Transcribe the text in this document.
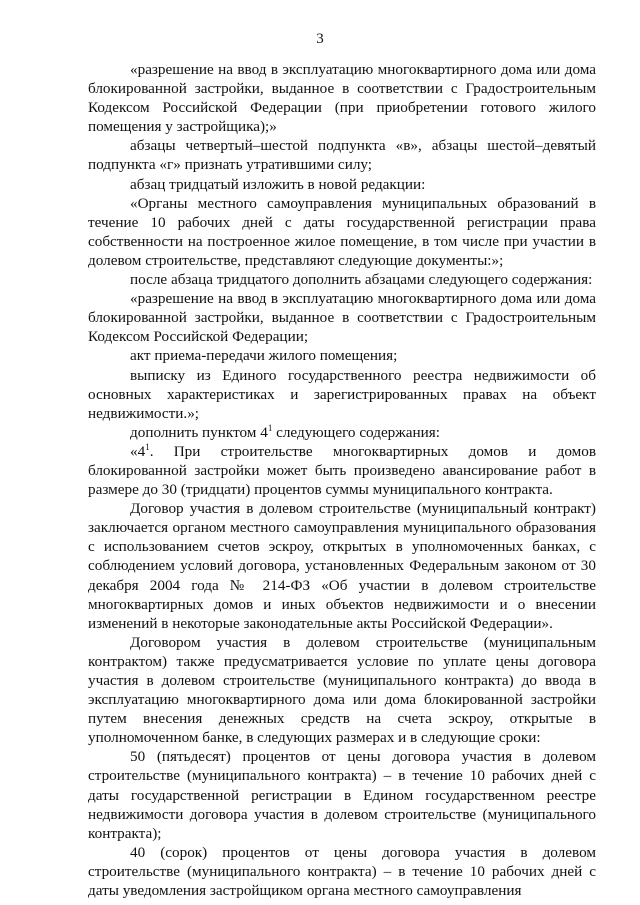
3

«разрешение на ввод в эксплуатацию многоквартирного дома или дома блокированной застройки, выданное в соответствии с Градостроительным Кодексом Российской Федерации (при приобретении готового жилого помещения у застройщика);»

абзацы четвертый–шестой подпункта «в», абзацы шестой–девятый подпункта «г» признать утратившими силу;

абзац тридцатый изложить в новой редакции:

«Органы местного самоуправления муниципальных образований в течение 10 рабочих дней с даты государственной регистрации права собственности на построенное жилое помещение, в том числе при участии в долевом строительстве, представляют следующие документы:»;

после абзаца тридцатого дополнить абзацами следующего содержания:

«разрешение на ввод в эксплуатацию многоквартирного дома или дома блокированной застройки, выданное в соответствии с Градостроительным Кодексом Российской Федерации;

акт приема-передачи жилого помещения;

выписку из Единого государственного реестра недвижимости об основных характеристиках и зарегистрированных правах на объект недвижимости.»;

дополнить пунктом $4^1$ следующего содержания:

«$4^1$. При строительстве многоквартирных домов и домов блокированной застройки может быть произведено авансирование работ в размере до 30 (тридцати) процентов суммы муниципального контракта.

Договор участия в долевом строительстве (муниципальный контракт) заключается органом местного самоуправления муниципального образования с использованием счетов эскроу, открытых в уполномоченных банках, с соблюдением условий договора, установленных Федеральным законом от 30 декабря 2004 года № 214-ФЗ «Об участии в долевом строительстве многоквартирных домов и иных объектов недвижимости и о внесении изменений в некоторые законодательные акты Российской Федерации».

Договором участия в долевом строительстве (муниципальным контрактом) также предусматривается условие по уплате цены договора участия в долевом строительстве (муниципального контракта) до ввода в эксплуатацию многоквартирного дома или дома блокированной застройки путем внесения денежных средств на счета эскроу, открытые в уполномоченном банке, в следующих размерах и в следующие сроки:

50 (пятьдесят) процентов от цены договора участия в долевом строительстве (муниципального контракта) – в течение 10 рабочих дней с даты государственной регистрации в Едином государственном реестре недвижимости договора участия в долевом строительстве (муниципального контракта);

40 (сорок) процентов от цены договора участия в долевом строительстве (муниципального контракта) – в течение 10 рабочих дней с даты уведомления застройщиком органа местного самоуправления
